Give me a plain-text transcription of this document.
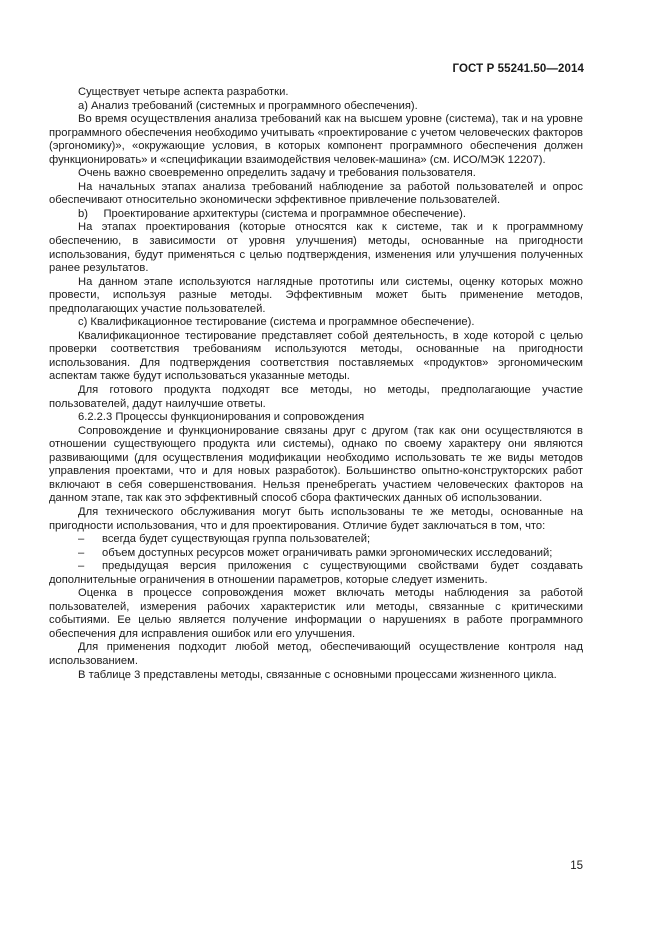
ГОСТ Р 55241.50—2014

Существует четыре аспекта разработки.

а) Анализ требований (системных и программного обеспечения).

Во время осуществления анализа требований как на высшем уровне (система), так и на уровне программного обеспечения необходимо учитывать «проектирование с учетом человеческих факторов (эргономику)», «окружающие условия, в которых компонент программного обеспечения должен функционировать» и «спецификации взаимодействия человек-машина» (см. ИСО/МЭК 12207).

Очень важно своевременно определить задачу и требования пользователя.

На начальных этапах анализа требований наблюдение за работой пользователей и опрос обеспечивают относительно экономически эффективное привлечение пользователей.

b)     Проектирование архитектуры (система и программное обеспечение).

На этапах проектирования (которые относятся как к системе, так и к программному обеспечению, в зависимости от уровня улучшения) методы, основанные на пригодности использования, будут применяться с целью подтверждения, изменения или улучшения полученных ранее результатов.

На данном этапе используются наглядные прототипы или системы, оценку которых можно провести, используя разные методы. Эффективным может быть применение методов, предполагающих участие пользователей.

с) Квалификационное тестирование (система и программное обеспечение).

Квалификационное тестирование представляет собой деятельность, в ходе которой с целью проверки соответствия требованиям используются методы, основанные на пригодности использования. Для подтверждения соответствия поставляемых «продуктов» эргономическим аспектам также будут использоваться указанные методы.

Для готового продукта подходят все методы, но методы, предполагающие участие пользователей, дадут наилучшие ответы.

6.2.2.3 Процессы функционирования и сопровождения

Сопровождение и функционирование связаны друг с другом (так как они осуществляются в отношении существующего продукта или системы), однако по своему характеру они являются развивающими (для осуществления модификации необходимо использовать те же виды методов управления проектами, что и для новых разработок). Большинство опытно-конструкторских работ включают в себя совершенствования. Нельзя пренебрегать участием человеческих факторов на данном этапе, так как это эффективный способ сбора фактических данных об использовании.

Для технического обслуживания могут быть использованы те же методы, основанные на пригодности использования, что и для проектирования. Отличие будет заключаться в том, что:

– всегда будет существующая группа пользователей;

– объем доступных ресурсов может ограничивать рамки эргономических исследований;

– предыдущая версия приложения с существующими свойствами будет создавать дополнительные ограничения в отношении параметров, которые следует изменить.

Оценка в процессе сопровождения может включать методы наблюдения за работой пользователей, измерения рабочих характеристик или методы, связанные с критическими событиями. Ее целью является получение информации о нарушениях в работе программного обеспечения для исправления ошибок или его улучшения.

Для применения подходит любой метод, обеспечивающий осуществление контроля над использованием.

В таблице 3 представлены методы, связанные с основными процессами жизненного цикла.

15
